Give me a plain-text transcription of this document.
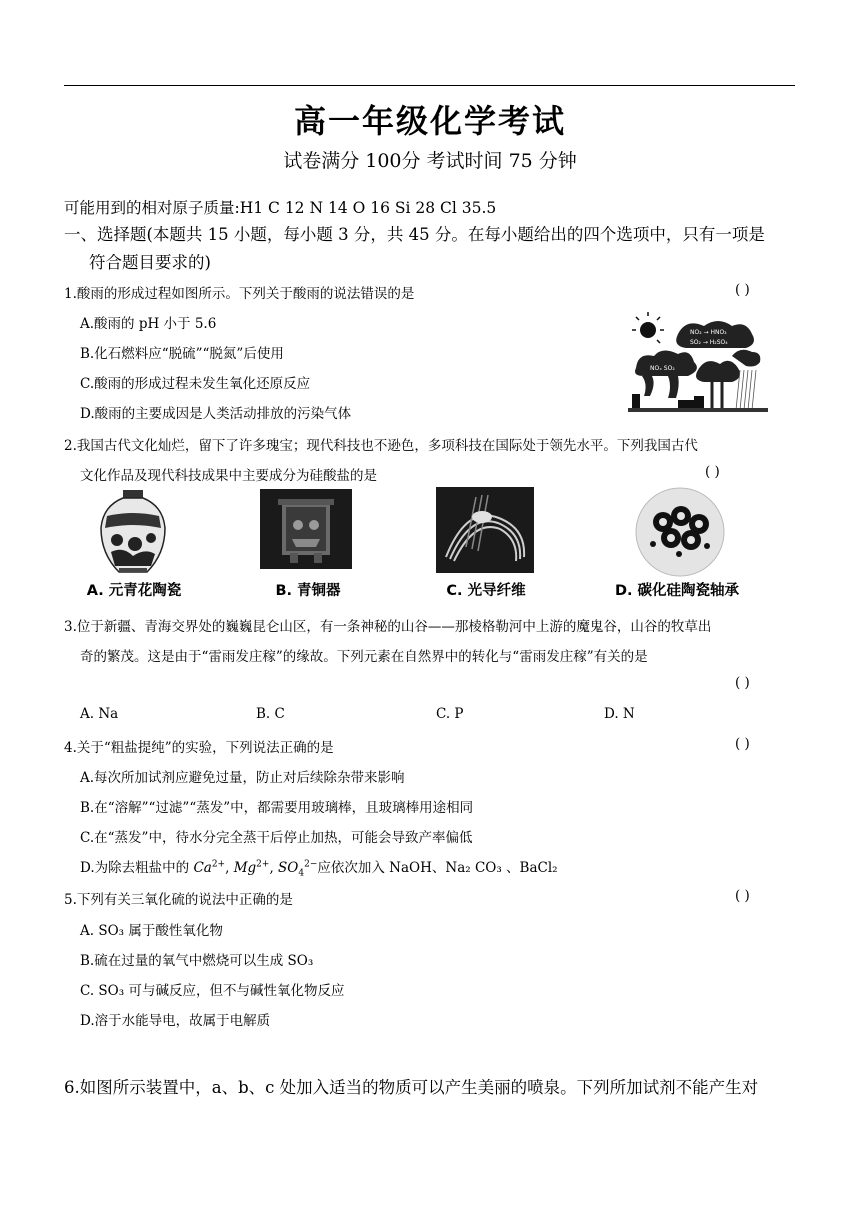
高一年级化学考试
试卷满分 100分 考试时间 75 分钟
可能用到的相对原子质量:H1 C 12 N 14 O 16 Si 28 Cl 35.5
一、选择题(本题共 15 小题，每小题 3 分，共 45 分。在每小题给出的四个选项中，只有一项是
符合题目要求的)
1.酸雨的形成过程如图所示。下列关于酸雨的说法错误的是	( )
A.酸雨的 pH 小于 5.6
B.化石燃料应“脱硫”“脱氮”后使用
C.酸雨的形成过程未发生氧化还原反应
D.酸雨的主要成因是人类活动排放的污染气体
NO₂ → HNO₃
SO₂ → H₂SO₄
NOₓ SO₂
2.我国古代文化灿烂，留下了许多瑰宝；现代科技也不逊色，多项科技在国际处于领先水平。下列我国古代
文化作品及现代科技成果中主要成分为硅酸盐的是	( )
A. 元青花陶瓷	B. 青铜器	C. 光导纤维	D. 碳化硅陶瓷轴承
3.位于新疆、青海交界处的巍巍昆仑山区，有一条神秘的山谷——那棱格勒河中上游的魔鬼谷，山谷的牧草出
奇的繁茂。这是由于“雷雨发庄稼”的缘故。下列元素在自然界中的转化与“雷雨发庄稼”有关的是
( )
A. Na	B. C	C. P	D. N
4.关于“粗盐提纯”的实验，下列说法正确的是	( )
A.每次所加试剂应避免过量，防止对后续除杂带来影响
B.在“溶解”“过滤”“蒸发”中，都需要用玻璃棒，且玻璃棒用途相同
C.在“蒸发”中，待水分完全蒸干后停止加热，可能会导致产率偏低
D.为除去粗盐中的 $Ca^{2+}$, $Mg^{2+}$, $SO_4^{2-}$应依次加入 NaOH、Na₂ CO₃ 、BaCl₂
5.下列有关三氧化硫的说法中正确的是	( )
A. SO₃ 属于酸性氧化物
B.硫在过量的氧气中燃烧可以生成 SO₃
C. SO₃ 可与碱反应，但不与碱性氧化物反应
D.溶于水能导电，故属于电解质
6.如图所示装置中，a、b、c 处加入适当的物质可以产生美丽的喷泉。下列所加试剂不能产生对
